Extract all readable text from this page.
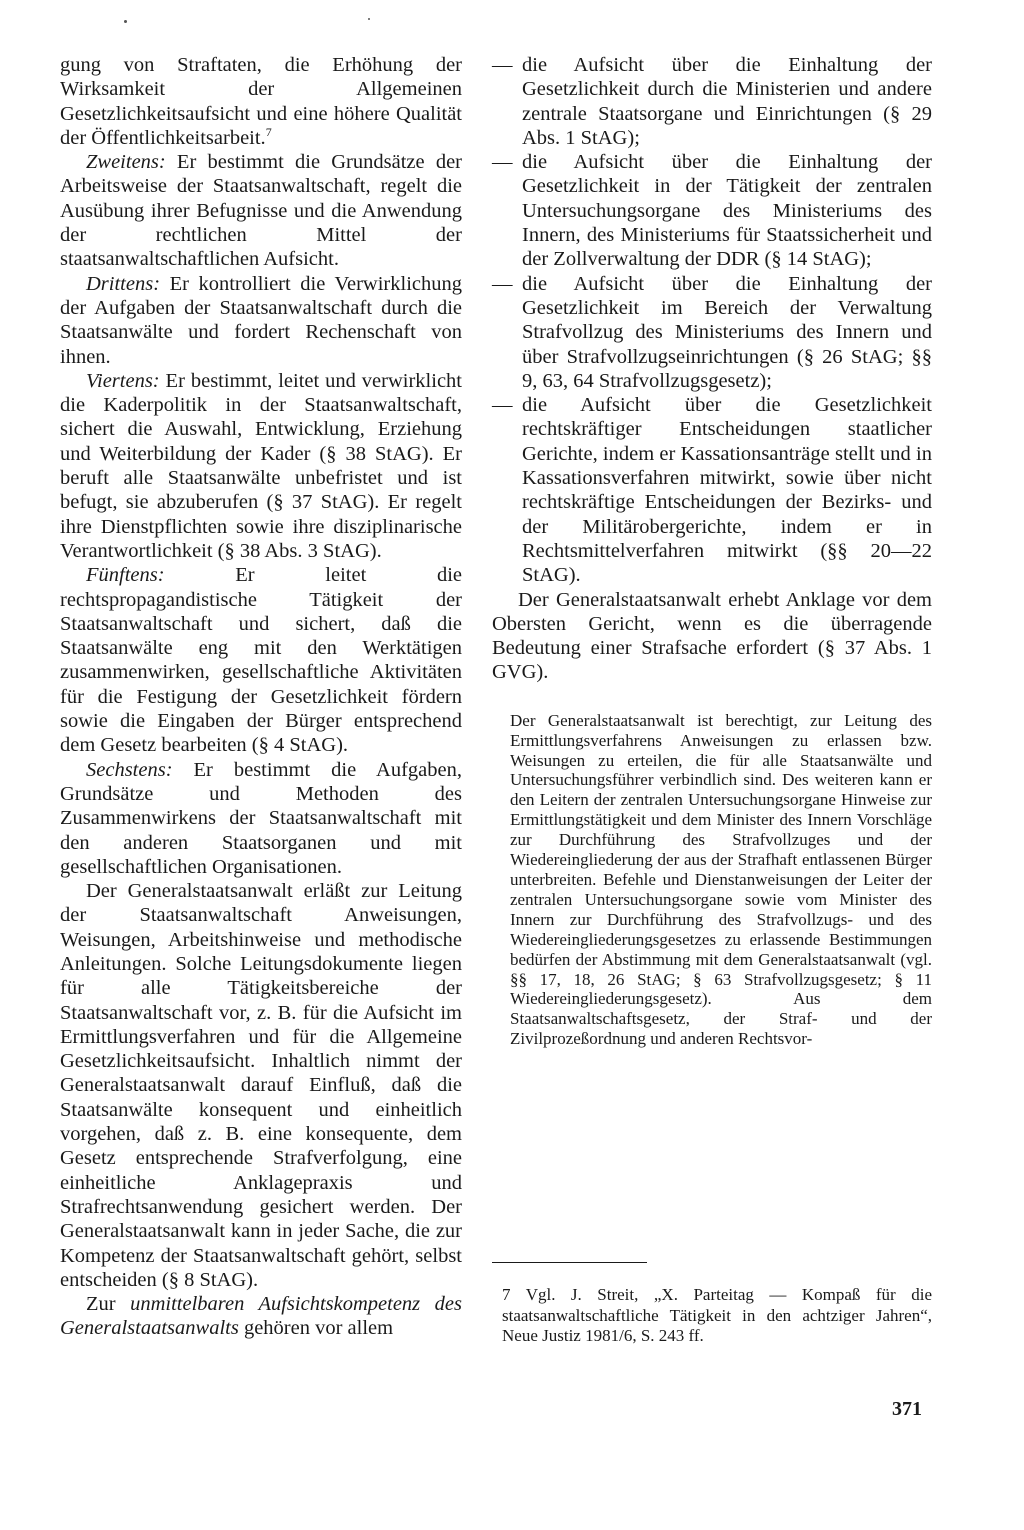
gung von Straftaten, die Erhöhung der Wirksamkeit der Allgemeinen Gesetzlichkeitsaufsicht und eine höhere Qualität der Öffentlichkeitsarbeit.$^7$

Zweitens: Er bestimmt die Grundsätze der Arbeitsweise der Staatsanwaltschaft, regelt die Ausübung ihrer Befugnisse und die Anwendung der rechtlichen Mittel der staatsanwaltschaftlichen Aufsicht.

Drittens: Er kontrolliert die Verwirklichung der Aufgaben der Staatsanwaltschaft durch die Staatsanwälte und fordert Rechenschaft von ihnen.

Viertens: Er bestimmt, leitet und verwirklicht die Kaderpolitik in der Staatsanwaltschaft, sichert die Auswahl, Entwicklung, Erziehung und Weiterbildung der Kader (§ 38 StAG). Er beruft alle Staatsanwälte unbefristet und ist befugt, sie abzuberufen (§ 37 StAG). Er regelt ihre Dienstpflichten sowie ihre disziplinarische Verantwortlichkeit (§ 38 Abs. 3 StAG).

Fünftens: Er leitet die rechtspropagandistische Tätigkeit der Staatsanwaltschaft und sichert, daß die Staatsanwälte eng mit den Werktätigen zusammenwirken, gesellschaftliche Aktivitäten für die Festigung der Gesetzlichkeit fördern sowie die Eingaben der Bürger entsprechend dem Gesetz bearbeiten (§ 4 StAG).

Sechstens: Er bestimmt die Aufgaben, Grundsätze und Methoden des Zusammenwirkens der Staatsanwaltschaft mit den anderen Staatsorganen und mit gesellschaftlichen Organisationen.

Der Generalstaatsanwalt erläßt zur Leitung der Staatsanwaltschaft Anweisungen, Weisungen, Arbeitshinweise und methodische Anleitungen. Solche Leitungsdokumente liegen für alle Tätigkeitsbereiche der Staatsanwaltschaft vor, z. B. für die Aufsicht im Ermittlungsverfahren und für die Allgemeine Gesetzlichkeitsaufsicht. Inhaltlich nimmt der Generalstaatsanwalt darauf Einfluß, daß die Staatsanwälte konsequent und einheitlich vorgehen, daß z. B. eine konsequente, dem Gesetz entsprechende Strafverfolgung, eine einheitliche Anklagepraxis und Strafrechtsanwendung gesichert werden. Der Generalstaatsanwalt kann in jeder Sache, die zur Kompetenz der Staatsanwaltschaft gehört, selbst entscheiden (§ 8 StAG).

Zur unmittelbaren Aufsichtskompetenz des Generalstaatsanwalts gehören vor allem

— die Aufsicht über die Einhaltung der Gesetzlichkeit durch die Ministerien und andere zentrale Staatsorgane und Einrichtungen (§ 29 Abs. 1 StAG);
— die Aufsicht über die Einhaltung der Gesetzlichkeit in der Tätigkeit der zentralen Untersuchungsorgane des Ministeriums des Innern, des Ministeriums für Staatssicherheit und der Zollverwaltung der DDR (§ 14 StAG);
— die Aufsicht über die Einhaltung der Gesetzlichkeit im Bereich der Verwaltung Strafvollzug des Ministeriums des Innern und über Strafvollzugseinrichtungen (§ 26 StAG; §§ 9, 63, 64 Strafvollzugsgesetz);
— die Aufsicht über die Gesetzlichkeit rechtskräftiger Entscheidungen staatlicher Gerichte, indem er Kassationsanträge stellt und in Kassationsverfahren mitwirkt, sowie über nicht rechtskräftige Entscheidungen der Bezirks- und der Militärobergerichte, indem er in Rechtsmittelverfahren mitwirkt (§§ 20—22 StAG).

Der Generalstaatsanwalt erhebt Anklage vor dem Obersten Gericht, wenn es die überragende Bedeutung einer Strafsache erfordert (§ 37 Abs. 1 GVG).

Der Generalstaatsanwalt ist berechtigt, zur Leitung des Ermittlungsverfahrens Anweisungen zu erlassen bzw. Weisungen zu erteilen, die für alle Staatsanwälte und Untersuchungsführer verbindlich sind. Des weiteren kann er den Leitern der zentralen Untersuchungsorgane Hinweise zur Ermittlungstätigkeit und dem Minister des Innern Vorschläge zur Durchführung des Strafvollzuges und der Wiedereingliederung der aus der Strafhaft entlassenen Bürger unterbreiten. Befehle und Dienstanweisungen der Leiter der zentralen Untersuchungsorgane sowie vom Minister des Innern zur Durchführung des Strafvollzugs- und des Wiedereingliederungsgesetzes zu erlassende Bestimmungen bedürfen der Abstimmung mit dem Generalstaatsanwalt (vgl. §§ 17, 18, 26 StAG; § 63 Strafvollzugsgesetz; § 11 Wiedereingliederungsgesetz). Aus dem Staatsanwaltschaftsgesetz, der Straf- und der Zivilprozeßordnung und anderen Rechtsvor-

7 Vgl. J. Streit, „X. Parteitag — Kompaß für die staatsanwaltschaftliche Tätigkeit in den achtziger Jahren“, Neue Justiz 1981/6, S. 243 ff.

371
